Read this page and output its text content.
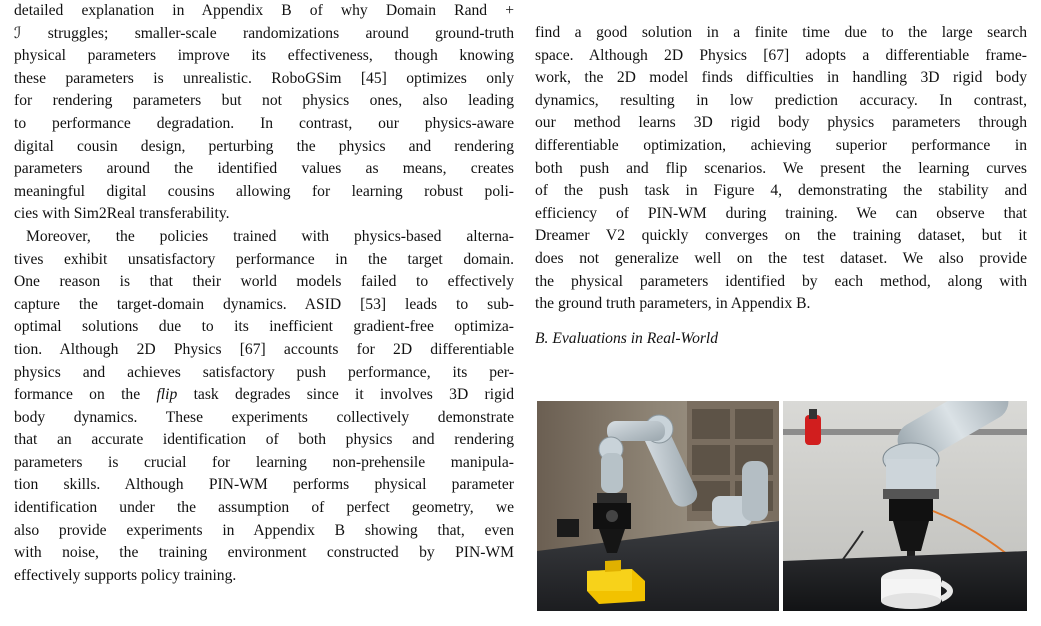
detailed explanation in Appendix B of why Domain Rand +
ℐ struggles; smaller-scale randomizations around ground-truth
physical parameters improve its effectiveness, though knowing
these parameters is unrealistic. RoboGSim [45] optimizes only
for rendering parameters but not physics ones, also leading
to performance degradation. In contrast, our physics-aware
digital cousin design, perturbing the physics and rendering
parameters around the identified values as means, creates
meaningful digital cousins allowing for learning robust poli-
cies with Sim2Real transferability.
Moreover, the policies trained with physics-based alterna-
tives exhibit unsatisfactory performance in the target domain.
One reason is that their world models failed to effectively
capture the target-domain dynamics. ASID [53] leads to sub-
optimal solutions due to its inefficient gradient-free optimiza-
tion. Although 2D Physics [67] accounts for 2D differentiable
physics and achieves satisfactory push performance, its per-
formance on the flip task degrades since it involves 3D rigid
body dynamics. These experiments collectively demonstrate
that an accurate identification of both physics and rendering
parameters is crucial for learning non-prehensile manipula-
tion skills. Although PIN-WM performs physical parameter
identification under the assumption of perfect geometry, we
also provide experiments in Appendix B showing that, even
with noise, the training environment constructed by PIN-WM
effectively supports policy training.
find a good solution in a finite time due to the large search
space. Although 2D Physics [67] adopts a differentiable frame-
work, the 2D model finds difficulties in handling 3D rigid body
dynamics, resulting in low prediction accuracy. In contrast,
our method learns 3D rigid body physics parameters through
differentiable optimization, achieving superior performance in
both push and flip scenarios. We present the learning curves
of the push task in Figure 4, demonstrating the stability and
efficiency of PIN-WM during training. We can observe that
Dreamer V2 quickly converges on the training dataset, but it
does not generalize well on the test dataset. We also provide
the physical parameters identified by each method, along with
the ground truth parameters, in Appendix B.
B. Evaluations in Real-World
